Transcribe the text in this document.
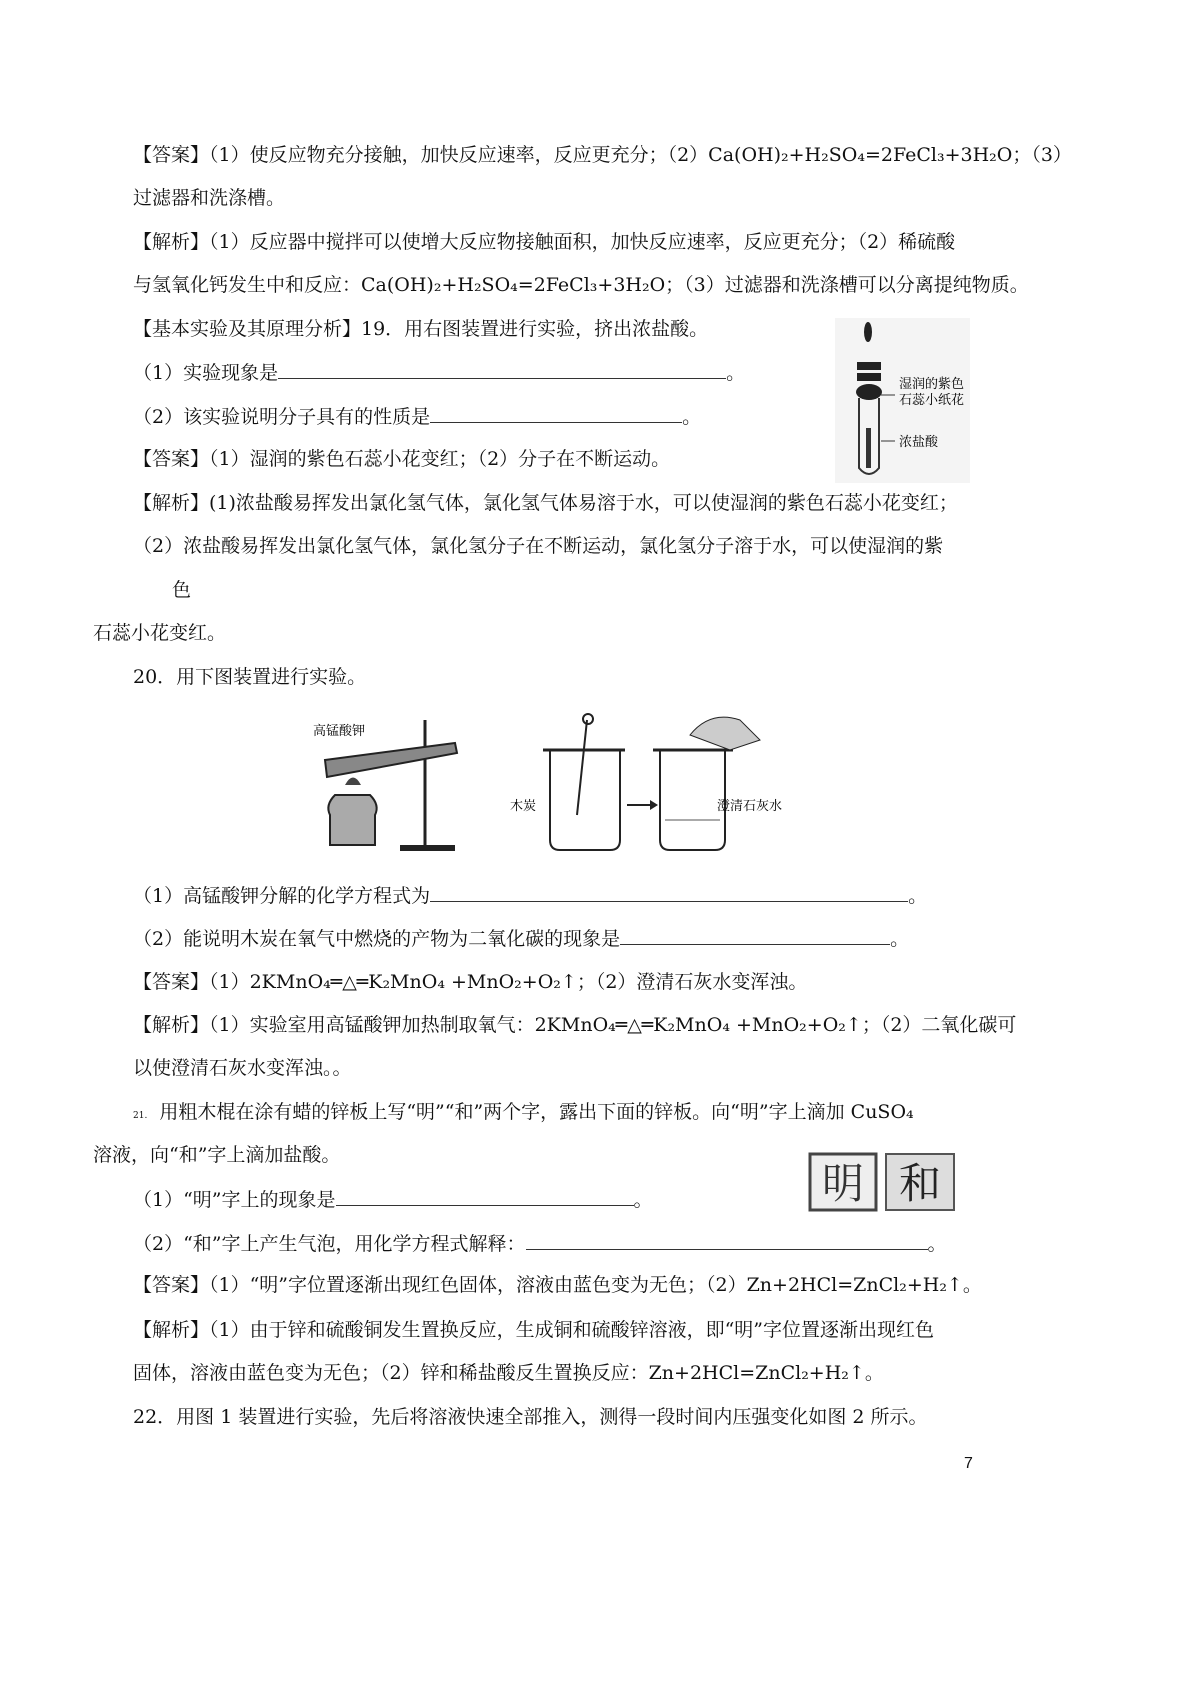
【答案】（1）使反应物充分接触，加快反应速率，反应更充分；（2）Ca(OH)₂+H₂SO₄=2FeCl₃+3H₂O；（3）
过滤器和洗涤槽。
【解析】（1）反应器中搅拌可以使增大反应物接触面积，加快反应速率，反应更充分；（2）稀硫酸
与氢氧化钙发生中和反应：Ca(OH)₂+H₂SO₄=2FeCl₃+3H₂O；（3）过滤器和洗涤槽可以分离提纯物质。
【基本实验及其原理分析】19．用右图装置进行实验，挤出浓盐酸。
（1）实验现象是	。
（2）该实验说明分子具有的性质是	。
【答案】（1）湿润的紫色石蕊小花变红；（2）分子在不断运动。
【解析】(1)浓盐酸易挥发出氯化氢气体，氯化氢气体易溶于水，可以使湿润的紫色石蕊小花变红；
（2）浓盐酸易挥发出氯化氢气体，氯化氢分子在不断运动，氯化氢分子溶于水，可以使湿润的紫
色
石蕊小花变红。
湿润的紫色
石蕊小纸花
浓盐酸
20．用下图装置进行实验。
高锰酸钾
木炭	澄清石灰水
（1）高锰酸钾分解的化学方程式为	。
（2）能说明木炭在氧气中燃烧的产物为二氧化碳的现象是	。
【答案】（1）2KMnO₄═△═K₂MnO₄ +MnO₂+O₂↑；（2）澄清石灰水变浑浊。
【解析】（1）实验室用高锰酸钾加热制取氧气：2KMnO₄═△═K₂MnO₄ +MnO₂+O₂↑；（2）二氧化碳可
以使澄清石灰水变浑浊。。
21. 用粗木棍在涂有蜡的锌板上写“明”“和”两个字，露出下面的锌板。向“明”字上滴加 CuSO₄
溶液，向“和”字上滴加盐酸。
（1）“明”字上的现象是	。
（2）“和”字上产生气泡，用化学方程式解释：	。
【答案】（1）“明”字位置逐渐出现红色固体，溶液由蓝色变为无色；（2）Zn+2HCl=ZnCl₂+H₂↑。
【解析】（1）由于锌和硫酸铜发生置换反应，生成铜和硫酸锌溶液，即“明”字位置逐渐出现红色
固体，溶液由蓝色变为无色；（2）锌和稀盐酸反生置换反应：Zn+2HCl=ZnCl₂+H₂↑。
明 和
22．用图 1 装置进行实验，先后将溶液快速全部推入，测得一段时间内压强变化如图 2 所示。
7
